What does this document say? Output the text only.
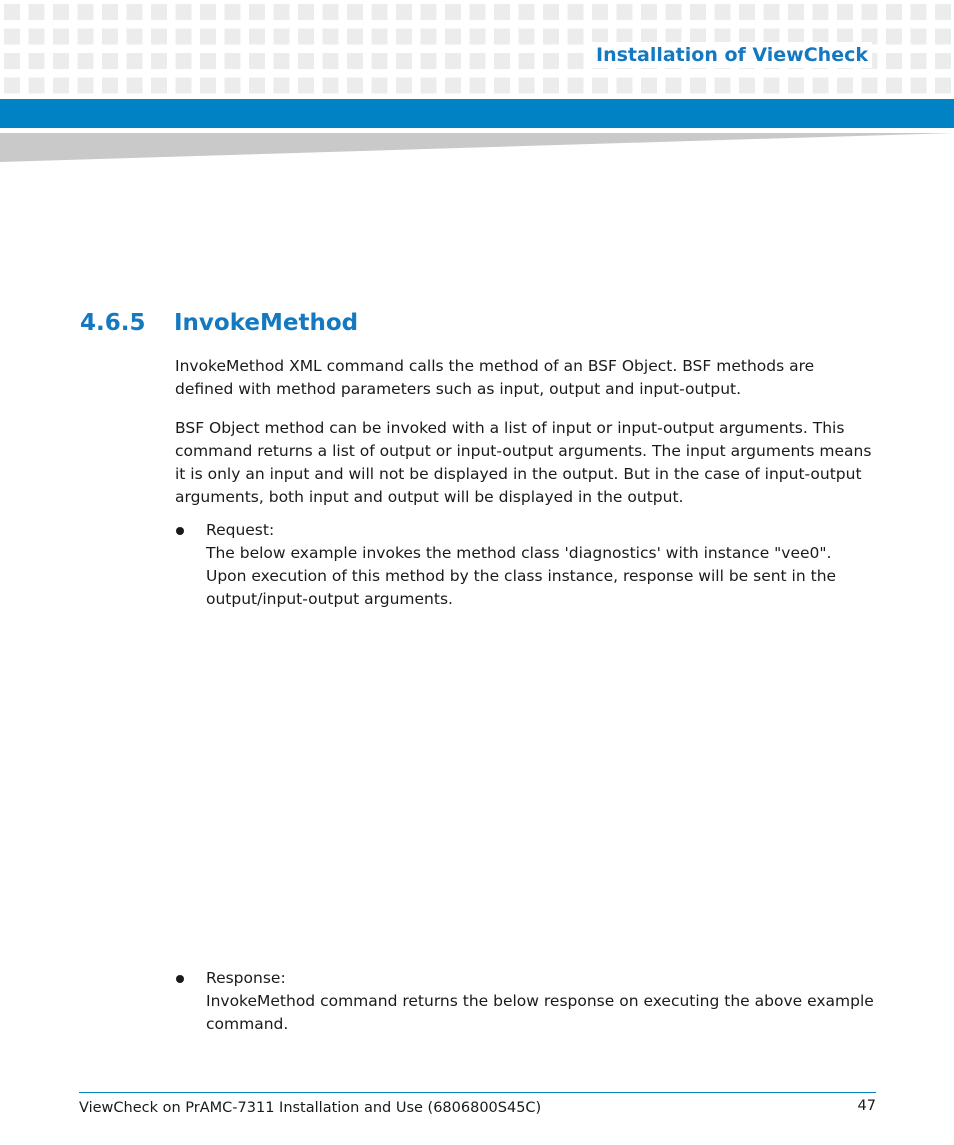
Installation of ViewCheck
4.6.5 InvokeMethod

InvokeMethod XML command calls the method of an BSF Object. BSF methods are defined with method parameters such as input, output and input-output.

BSF Object method can be invoked with a list of input or input-output arguments. This command returns a list of output or input-output arguments. The input arguments means it is only an input and will not be displayed in the output. But in the case of input-output arguments, both input and output will be displayed in the output.

Request:
The below example invokes the method class 'diagnostics' with instance "vee0". Upon execution of this method by the class instance, response will be sent in the output/input-output arguments.
Response:
InvokeMethod command returns the below response on executing the above example command.
ViewCheck on PrAMC-7311 Installation and Use (6806800S45C)	47
